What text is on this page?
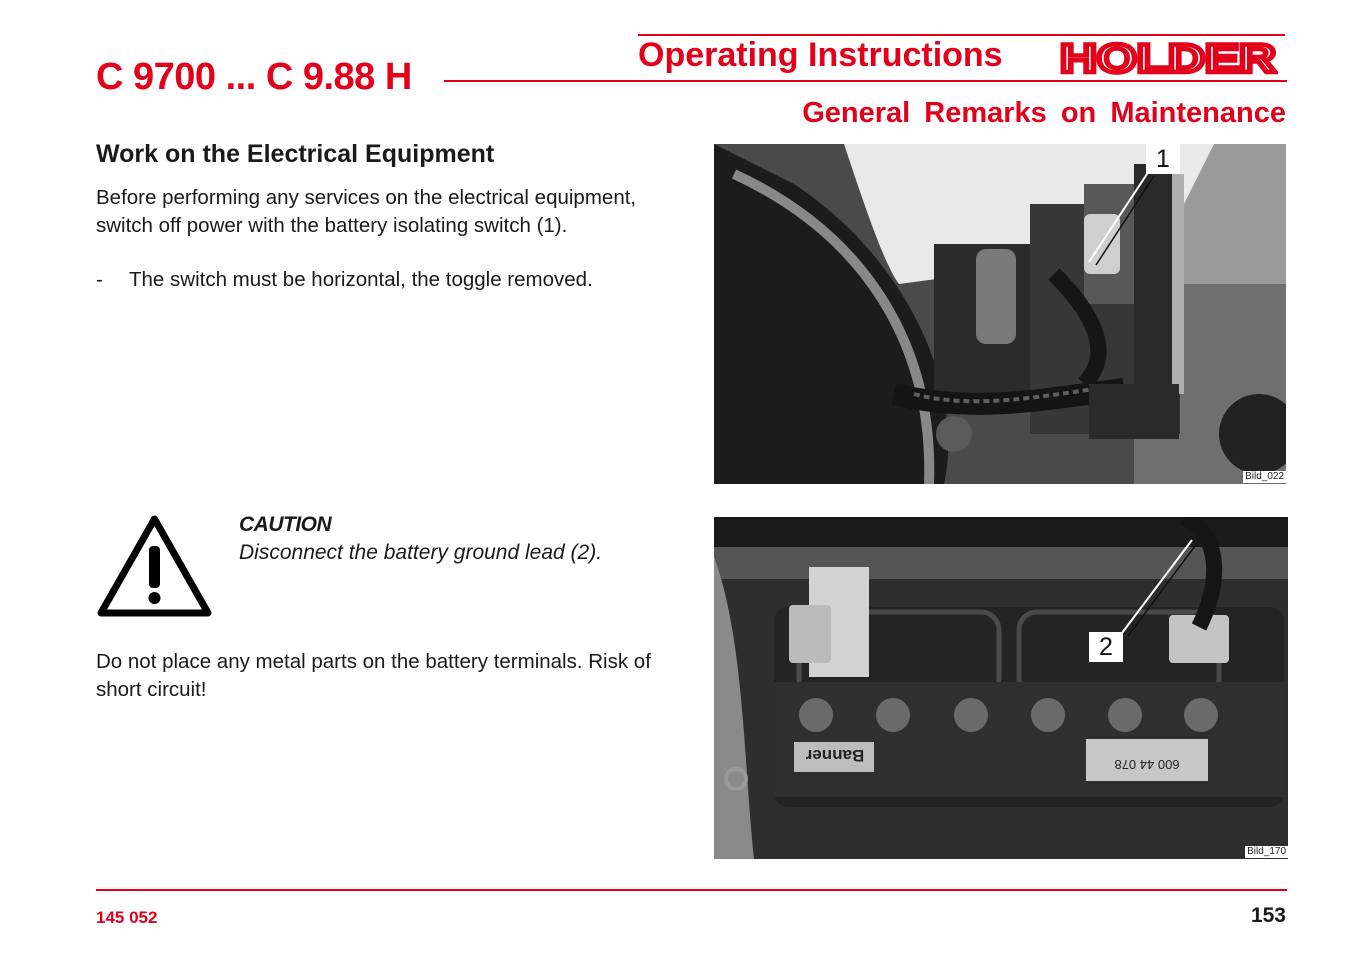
C 9700 ... C 9.88 H
Operating Instructions HOLDER
General Remarks on Maintenance
Work on the Electrical Equipment
Before performing any services on the electrical equipment, switch off power with the battery isolating switch (1).
- The switch must be horizontal, the toggle removed.
CAUTION
Disconnect the battery ground lead (2).
Do not place any metal parts on the battery terminals. Risk of short circuit!
1
Bild_022
2
Banner	600 44 078
Bild_170
145 052	153
